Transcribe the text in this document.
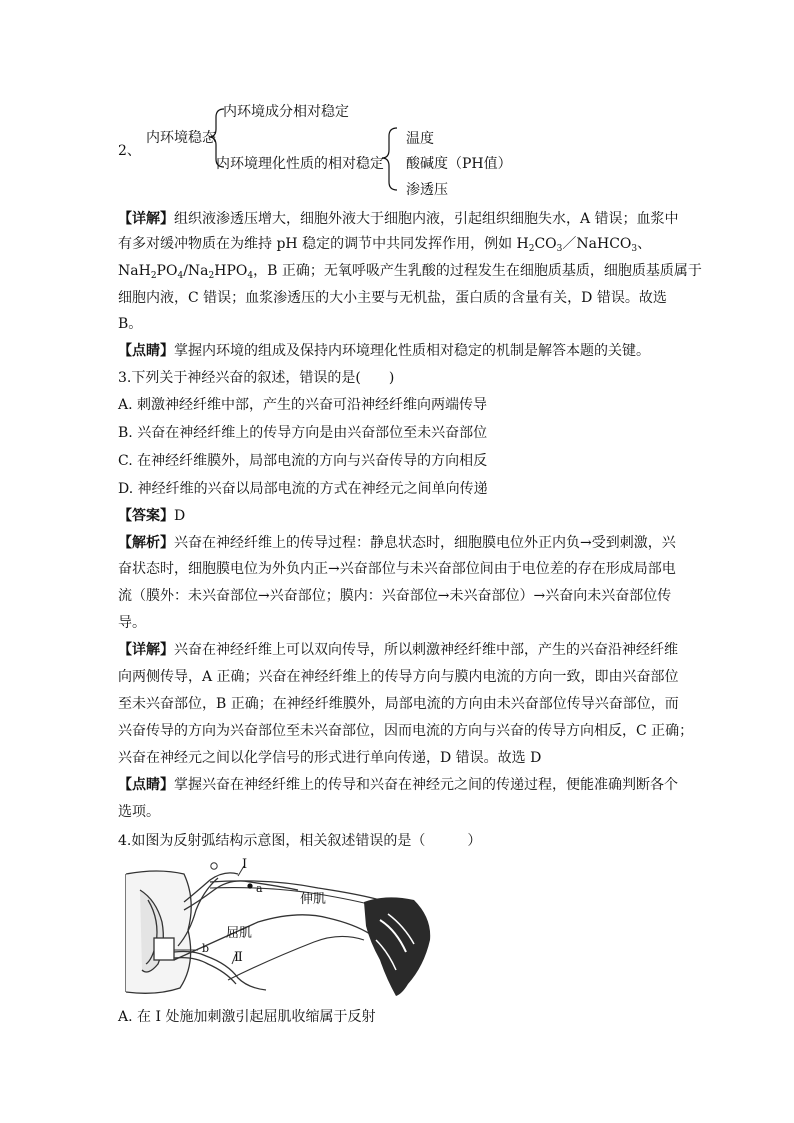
2、
内环境稳态
内环境成分相对稳定
内环境理化性质的相对稳定
温度
酸碱度（PH值）
渗透压
【详解】组织液渗透压增大，细胞外液大于细胞内液，引起组织细胞失水，A 错误；血浆中
有多对缓冲物质在为维持 pH 稳定的调节中共同发挥作用，例如 $H_2CO_3/NaHCO_3$、
$NaH_2PO_4/Na_2HPO_4$，B 正确；无氧呼吸产生乳酸的过程发生在细胞质基质，细胞质基质属于
细胞内液，C 错误；血浆渗透压的大小主要与无机盐，蛋白质的含量有关，D 错误。故选
B。
【点睛】掌握内环境的组成及保持内环境理化性质相对稳定的机制是解答本题的关键。
3.下列关于神经兴奋的叙述，错误的是(　　)
A. 刺激神经纤维中部，产生的兴奋可沿神经纤维向两端传导
B. 兴奋在神经纤维上的传导方向是由兴奋部位至未兴奋部位
C. 在神经纤维膜外，局部电流的方向与兴奋传导的方向相反
D. 神经纤维的兴奋以局部电流的方式在神经元之间单向传递
【答案】D
【解析】兴奋在神经纤维上的传导过程：静息状态时，细胞膜电位外正内负→受到刺激，兴
奋状态时，细胞膜电位为外负内正→兴奋部位与未兴奋部位间由于电位差的存在形成局部电
流（膜外：未兴奋部位→兴奋部位；膜内：兴奋部位→未兴奋部位）→兴奋向未兴奋部位传
导。
【详解】兴奋在神经纤维上可以双向传导，所以刺激神经纤维中部，产生的兴奋沿神经纤维
向两侧传导，A 正确；兴奋在神经纤维上的传导方向与膜内电流的方向一致，即由兴奋部位
至未兴奋部位，B 正确；在神经纤维膜外，局部电流的方向由未兴奋部位传导兴奋部位，而
兴奋传导的方向为兴奋部位至未兴奋部位，因而电流的方向与兴奋的传导方向相反，C 正确；
兴奋在神经元之间以化学信号的形式进行单向传递，D 错误。故选 D
【点睛】掌握兴奋在神经纤维上的传导和兴奋在神经元之间的传递过程，便能准确判断各个
选项。
4.如图为反射弧结构示意图，相关叙述错误的是（　　　）
Ⅰ
a
伸肌
屈肌
b
Ⅱ
A. 在 I 处施加刺激引起屈肌收缩属于反射
